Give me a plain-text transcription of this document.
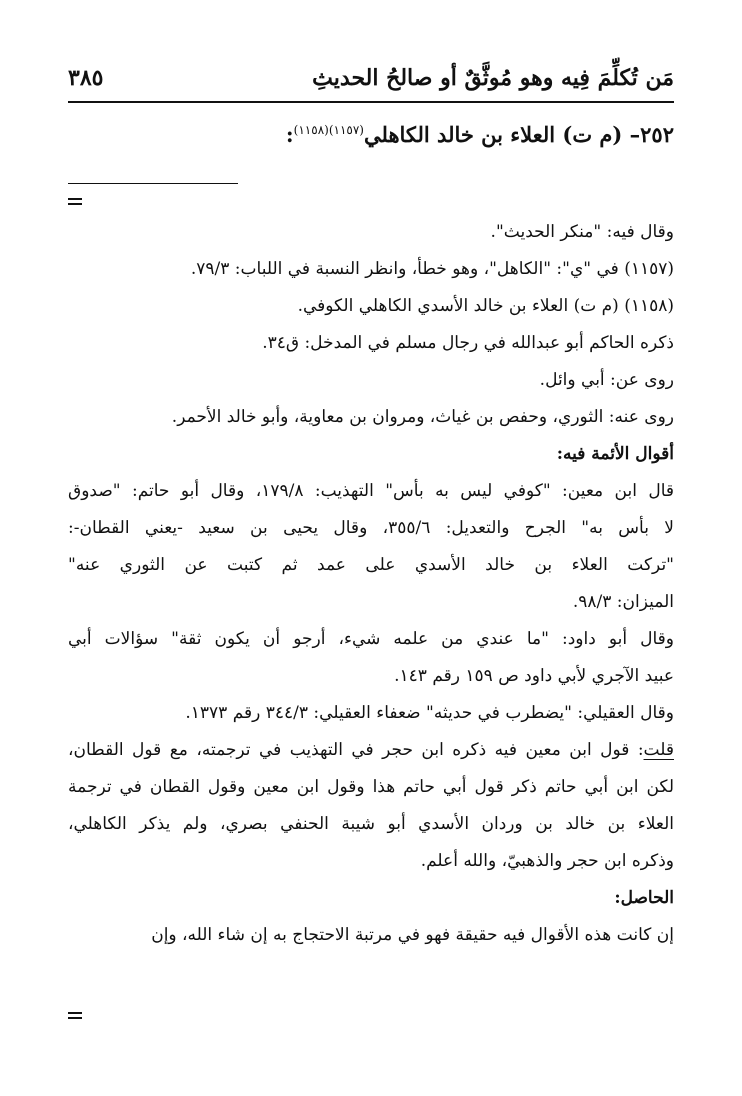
مَن تُكلِّمَ فِيه وهو مُوثَّقٌ أو صالحُ الحديثِ
٣٨٥
٢٥٢– (م ت) العلاء بن خالد الكاهلي$^{(١١٥٧)(١١٥٨)}$:
وقال فيه: "منكر الحديث".
(١١٥٧) في "ي": "الكاهل"، وهو خطأ، وانظر النسبة في اللباب: ٧٩/٣.
(١١٥٨) (م ت) العلاء بن خالد الأسدي الكاهلي الكوفي.
ذكره الحاكم أبو عبدالله في رجال مسلم في المدخل: ق٣٤.
روى عن: أبي وائل.
روى عنه: الثوري، وحفص بن غياث، ومروان بن معاوية، وأبو خالد الأحمر.
أقوال الأئمة فيه:
قال ابن معين: "كوفي ليس به بأس" التهذيب: ١٧٩/٨، وقال أبو حاتم: "صدوق
لا بأس به" الجرح والتعديل: ٣٥٥/٦، وقال يحيى بن سعيد -يعني القطان-:
"تركت العلاء بن خالد الأسدي على عمد ثم كتبت عن الثوري عنه"
الميزان: ٩٨/٣.
وقال أبو داود: "ما عندي من علمه شيء، أرجو أن يكون ثقة" سؤالات أبي
عبيد الآجري لأبي داود ص ١٥٩ رقم ١٤٣.
وقال العقيلي: "يضطرب في حديثه" ضعفاء العقيلي: ٣٤٤/٣ رقم ١٣٧٣.
قلت: قول ابن معين فيه ذكره ابن حجر في التهذيب في ترجمته، مع قول القطان،
لكن ابن أبي حاتم ذكر قول أبي حاتم هذا وقول ابن معين وقول القطان في ترجمة
العلاء بن خالد بن وردان الأسدي أبو شيبة الحنفي بصري، ولم يذكر الكاهلي،
وذكره ابن حجر والذهبيّ، والله أعلم.
الحاصل:
إن كانت هذه الأقوال فيه حقيقة فهو في مرتبة الاحتجاج به إن شاء الله، وإن
